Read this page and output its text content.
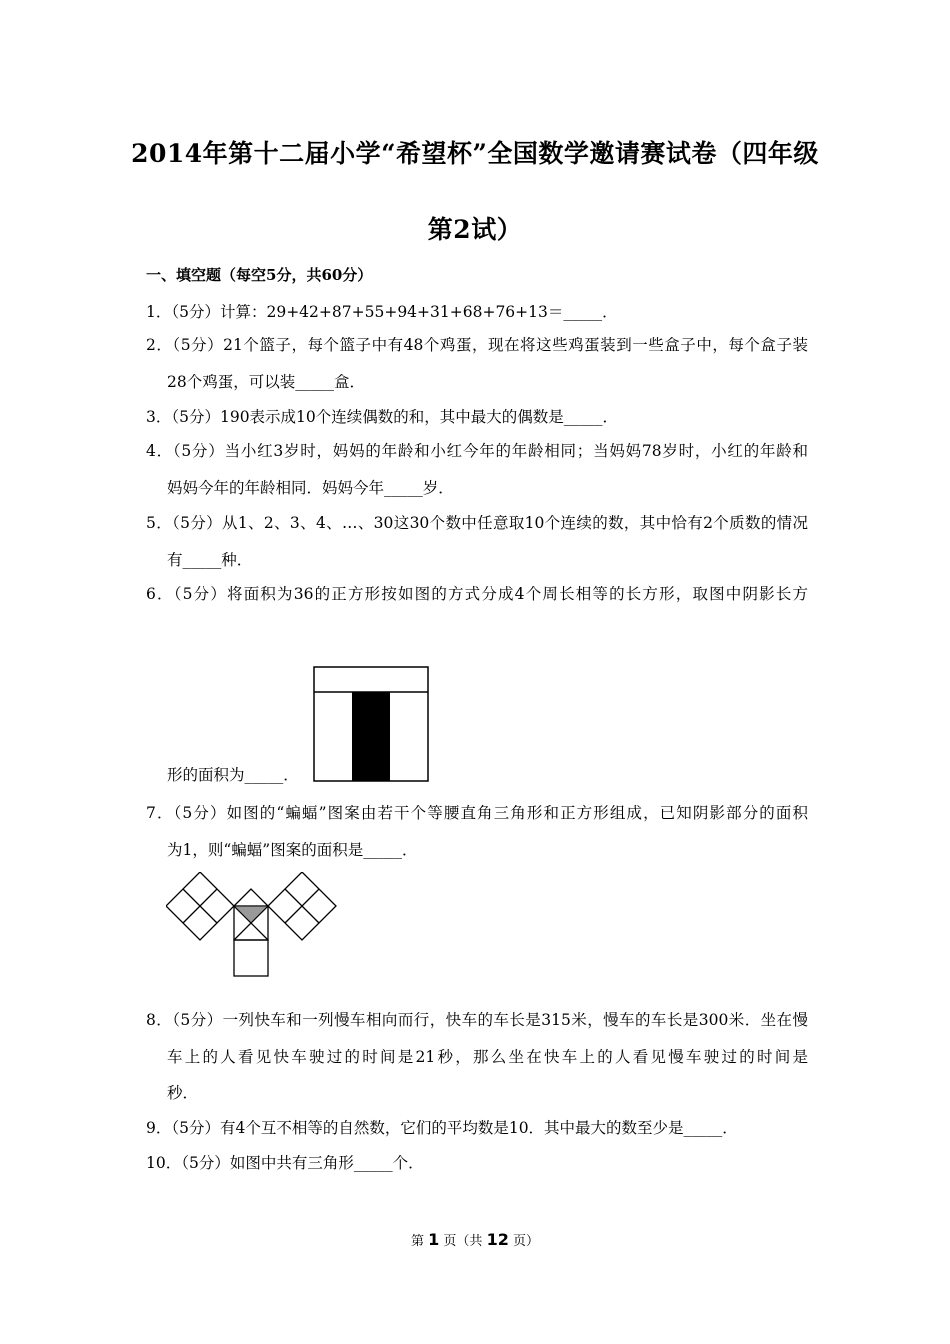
2014年第十二届小学“希望杯”全国数学邀请赛试卷（四年级
第2试）

一、填空题（每空5分，共60分）

1．（5分）计算：29+42+87+55+94+31+68+76+13＝_____．

2．（5分）21个篮子，每个篮子中有48个鸡蛋，现在将这些鸡蛋装到一些盒子中，每个盒子装

28个鸡蛋，可以装_____盒．

3．（5分）190表示成10个连续偶数的和，其中最大的偶数是_____．

4．（5分）当小红3岁时，妈妈的年龄和小红今年的年龄相同；当妈妈78岁时，小红的年龄和

妈妈今年的年龄相同．妈妈今年_____岁．

5．（5分）从1、2、3、4、…、30这30个数中任意取10个连续的数，其中恰有2个质数的情况

有_____种．

6．（5分）将面积为36的正方形按如图的方式分成4个周长相等的长方形，取图中阴影长方

形的面积为_____．

7．（5分）如图的“蝙蝠”图案由若干个等腰直角三角形和正方形组成，已知阴影部分的面积

为1，则“蝙蝠”图案的面积是_____．

8．（5分）一列快车和一列慢车相向而行，快车的车长是315米，慢车的车长是300米．坐在慢

车上的人看见快车驶过的时间是21秒，那么坐在快车上的人看见慢车驶过的时间是

秒．

9．（5分）有4个互不相等的自然数，它们的平均数是10．其中最大的数至少是_____．

10．（5分）如图中共有三角形_____个．

第 1 页（共 12 页）
